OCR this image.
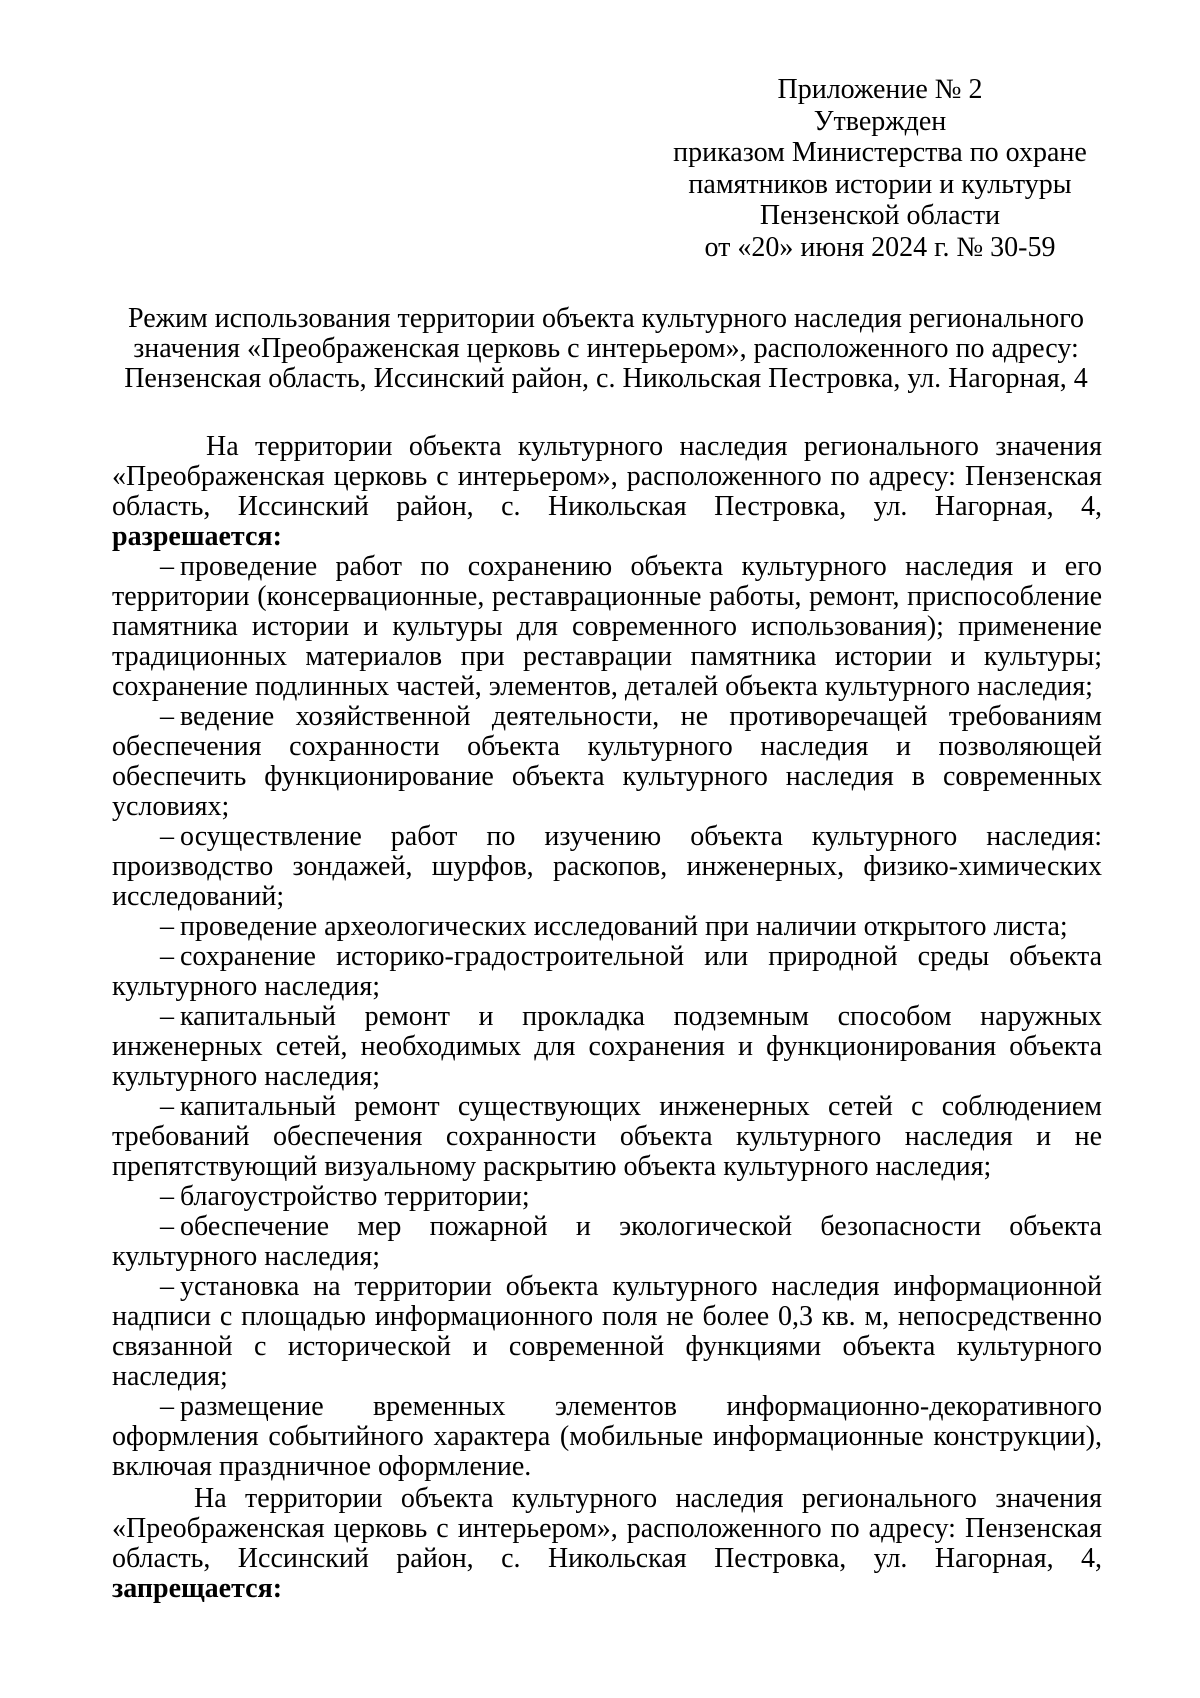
Приложение № 2
Утвержден
приказом Министерства по охране
памятников истории и культуры
Пензенской области
от «20» июня 2024 г. № 30-59
Режим использования территории объекта культурного наследия регионального
значения «Преображенская церковь с интерьером», расположенного по адресу:
Пензенская область, Иссинский район, с. Никольская Пестровка, ул. Нагорная, 4

На территории объекта культурного наследия регионального значения «Преображенская церковь с интерьером», расположенного по адресу: Пензенская область, Иссинский район, с. Никольская Пестровка, ул. Нагорная, 4, разрешается:

– проведение работ по сохранению объекта культурного наследия и его территории (консервационные, реставрационные работы, ремонт, приспособление памятника истории и культуры для современного использования); применение традиционных материалов при реставрации памятника истории и культуры; сохранение подлинных частей, элементов, деталей объекта культурного наследия;

– ведение хозяйственной деятельности, не противоречащей требованиям обеспечения сохранности объекта культурного наследия и позволяющей обеспечить функционирование объекта культурного наследия в современных условиях;

– осуществление работ по изучению объекта культурного наследия: производство зондажей, шурфов, раскопов, инженерных, физико-химических исследований;

– проведение археологических исследований при наличии открытого листа;

– сохранение историко-градостроительной или природной среды объекта культурного наследия;

– капитальный ремонт и прокладка подземным способом наружных инженерных сетей, необходимых для сохранения и функционирования объекта культурного наследия;

– капитальный ремонт существующих инженерных сетей с соблюдением требований обеспечения сохранности объекта культурного наследия и не препятствующий визуальному раскрытию объекта культурного наследия;

– благоустройство территории;

– обеспечение мер пожарной и экологической безопасности объекта культурного наследия;

– установка на территории объекта культурного наследия информационной надписи с площадью информационного поля не более 0,3 кв. м, непосредственно связанной с исторической и современной функциями объекта культурного наследия;

– размещение временных элементов информационно-декоративного оформления событийного характера (мобильные информационные конструкции), включая праздничное оформление.

На территории объекта культурного наследия регионального значения «Преображенская церковь с интерьером», расположенного по адресу: Пензенская область, Иссинский район, с. Никольская Пестровка, ул. Нагорная, 4, запрещается:
